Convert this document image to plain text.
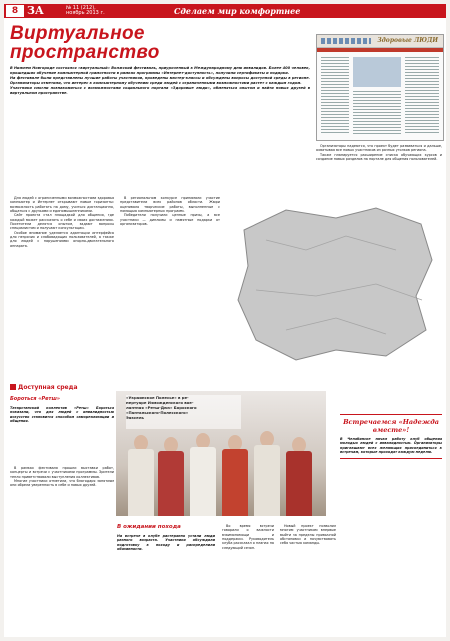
8 ЗА	№ 11 (212),
ноябрь 2013 г.	Сделаем мир комфортнее
Виртуальное
пространство

В Нижнем Новгороде состоялся «виртуальный» Волжский фестиваль, приуроченный к Международному дню инвалидов. Более 400 человек, прошедших обучение компьютерной грамотности в рамках программы «Интернет-доступность», получили сертификаты и подарки.

На фестивале были представлены лучшие работы участников, проведены мастер-классы и обсуждены вопросы доступной среды в регионе. Организаторы отметили, что интерес к компьютерному обучению среди людей с ограниченными возможностями растет с каждым годом.

Участники смогли познакомиться с возможностями социального портала «Здоровые люди», обменяться опытом и найти новых друзей в виртуальном пространстве.

Здоровые ЛЮДИ

Для людей с ограниченными возможностями здоровья компьютер и Интернет открывают новые горизонты: возможность работать на дому, учиться дистанционно, общаться с друзьями и единомышленниками.

Сайт проекта стал площадкой для общения, где каждый может рассказать о себе и своих достижениях. Посетители делятся опытом, задают вопросы специалистам и получают консультации.

Особое внимание уделяется адаптации интерфейса для незрячих и слабовидящих пользователей, а также для людей с нарушениями опорно-двигательного аппарата.

В региональном конкурсе принимали участие представители всех районов области. Жюри оценивало творческие работы, выполненные с помощью компьютерных программ.

Победители получили ценные призы, а все участники — дипломы и памятные подарки от организаторов.

Организаторы надеются, что проект будет развиваться и дальше, охватывая все новых участников из разных уголков региона.

Также планируется расширение списка обучающих курсов и создание новых разделов на портале для общения пользователей.

Доступная среда
Бороться «Ретш»
Татарстанский коллектив «Ретш» Бороться показали, что для людей с инвалидностью искусство становится способом самореализации и общения.

В рамках фестиваля прошли выставки работ, концерты и встречи с участниками программы. Зрители тепло приветствовали выступления коллективов.

Многие участники отметили, что благодаря занятиям они обрели уверенность в себе и новых друзей.

«Украинское Полесье» в ре-
пертуаре Изможденского вое-
лантная «Ретш-Дюз» Бороского
«Пантальского-Полесского»
Эаксель
В ожидании похода
На встрече в клубе растерянно устали люди разного возраста. Участники обсуждали подготовку к походу и распределили обязанности.

Во время встречи говорили о важности взаимопомощи и поддержки. Руководитель клуба рассказал о планах на следующий сезон.

Новый проект позволил многим участникам впервые выйти за пределы привычной обстановки и почувствовать себя частью команды.

Встречаемся «Надежда вместе»!
В Челябинске начал работу клуб общения молодых людей с инвалидностью. Организаторы приглашают всех желающих присоединиться к встречам, которые проходят каждую неделю.
